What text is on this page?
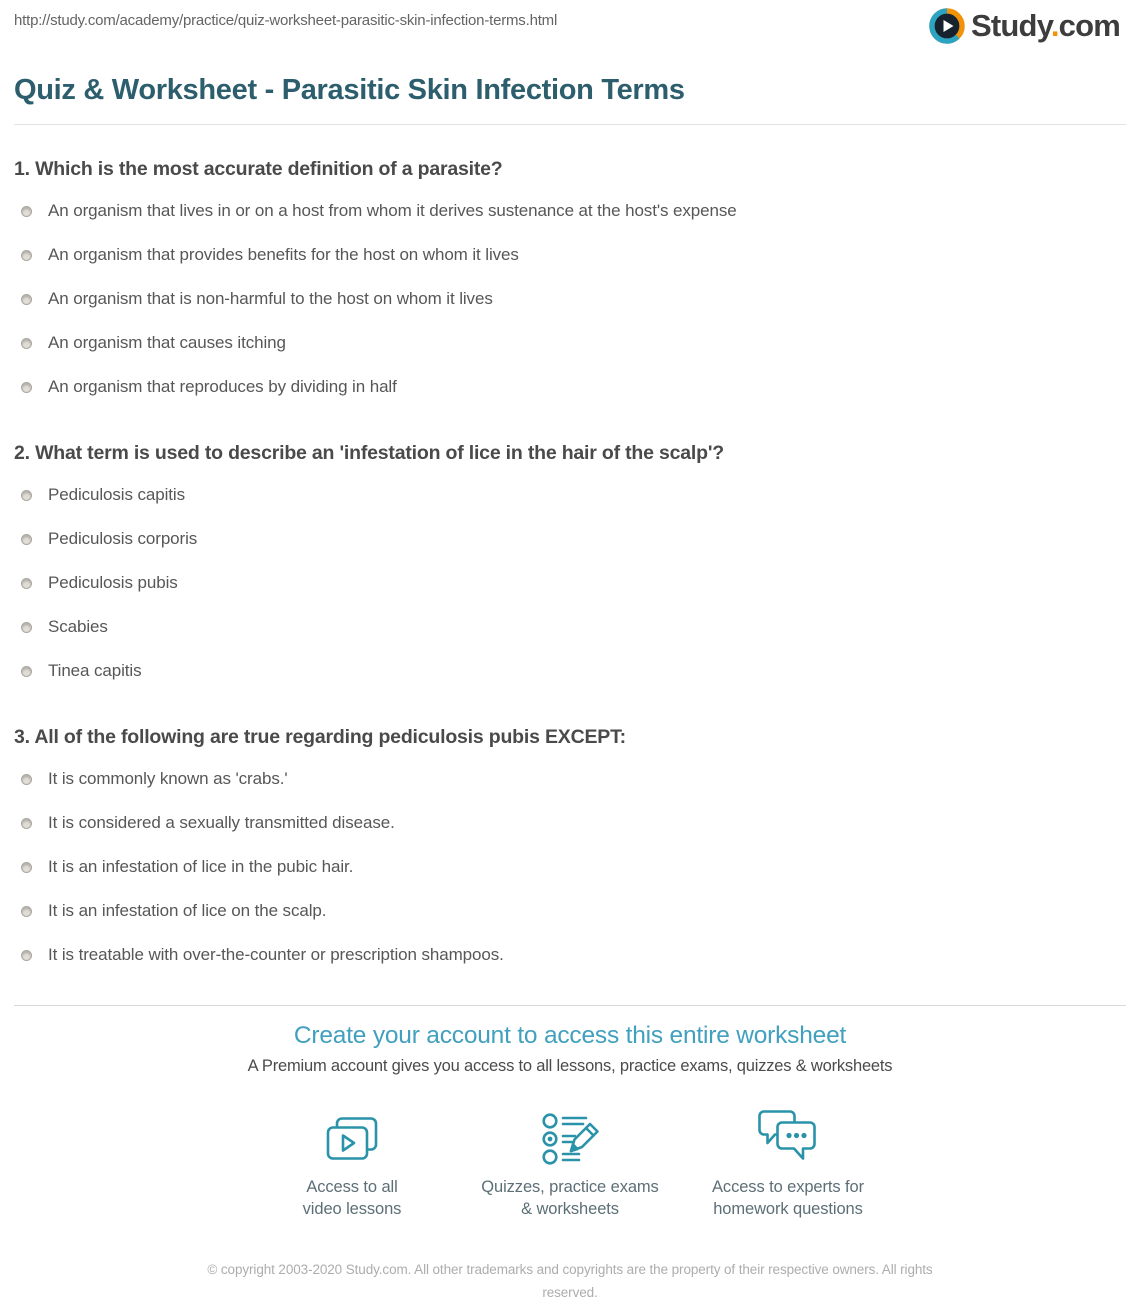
http://study.com/academy/practice/quiz-worksheet-parasitic-skin-infection-terms.html	Study.com
Quiz & Worksheet - Parasitic Skin Infection Terms
1. Which is the most accurate definition of a parasite?
An organism that lives in or on a host from whom it derives sustenance at the host's expense
An organism that provides benefits for the host on whom it lives
An organism that is non-harmful to the host on whom it lives
An organism that causes itching
An organism that reproduces by dividing in half
2. What term is used to describe an 'infestation of lice in the hair of the scalp'?
Pediculosis capitis
Pediculosis corporis
Pediculosis pubis
Scabies
Tinea capitis
3. All of the following are true regarding pediculosis pubis EXCEPT:
It is commonly known as 'crabs.'
It is considered a sexually transmitted disease.
It is an infestation of lice in the pubic hair.
It is an infestation of lice on the scalp.
It is treatable with over-the-counter or prescription shampoos.
Create your account to access this entire worksheet
A Premium account gives you access to all lessons, practice exams, quizzes & worksheets
Access to all
video lessons
Quizzes, practice exams
& worksheets
Access to experts for
homework questions
© copyright 2003-2020 Study.com. All other trademarks and copyrights are the property of their respective owners. All rights reserved.
